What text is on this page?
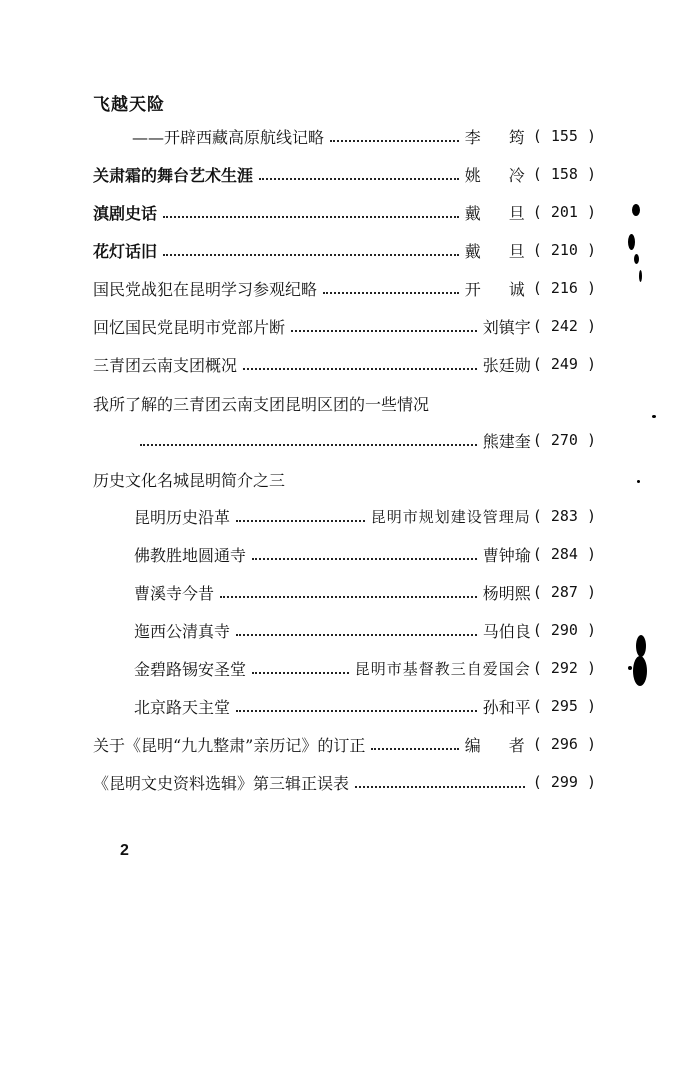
飞越天险
——开辟西藏高原航线记略	李　筠 ( 155 )
关肃霜的舞台艺术生涯	姚　冷 ( 158 )
滇剧史话	戴　旦 ( 201 )
花灯话旧	戴　旦 ( 210 )
国民党战犯在昆明学习参观纪略	开　诚 ( 216 )
回忆国民党昆明市党部片断	刘镇宇 ( 242 )
三青团云南支团概况	张廷勋 ( 249 )
我所了解的三青团云南支团昆明区团的一些情况
熊建奎 ( 270 )
历史文化名城昆明简介之三
昆明历史沿革	昆明市规划建设管理局 ( 283 )
佛教胜地圆通寺	曹钟瑜 ( 284 )
曹溪寺今昔	杨明熙 ( 287 )
迤西公清真寺	马伯良 ( 290 )
金碧路锡安圣堂	昆明市基督教三自爱国会 ( 292 )
北京路天主堂	孙和平 ( 295 )
关于《昆明“九九整肃”亲历记》的订正	编　者 ( 296 )
《昆明文史资料选辑》第三辑正误表	( 299 )
2
